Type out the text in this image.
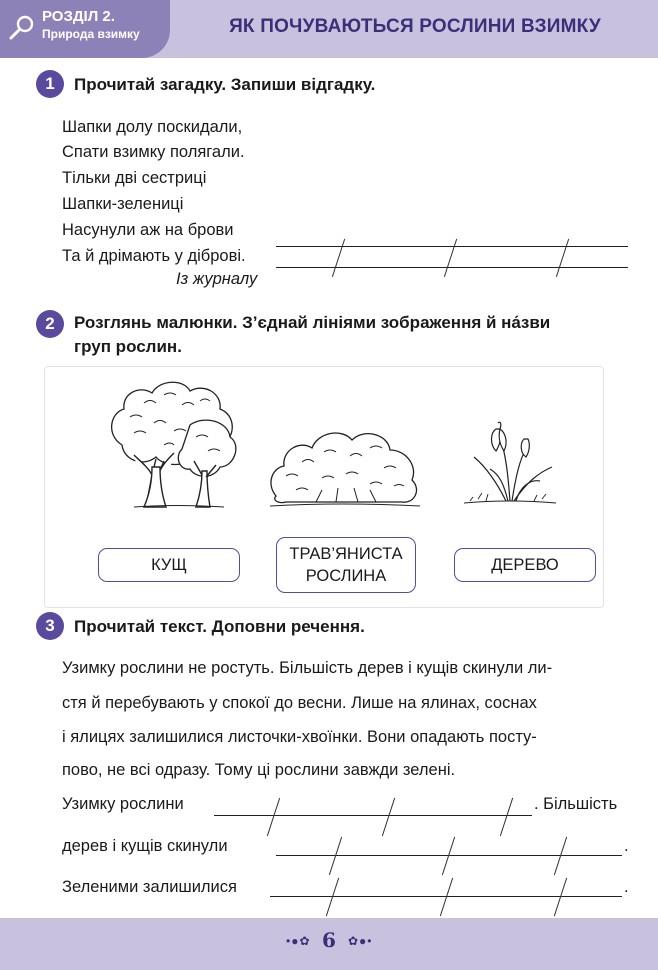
РОЗДІЛ 2.
Природа взимку	ЯК ПОЧУВАЮТЬСЯ РОСЛИНИ ВЗИМКУ
1	Прочитай загадку. Запиши відгадку.
Шапки долу поскидали,
Спати взимку полягали.
Тільки дві сестриці
Шапки-зелениці
Насунули аж на брови
Та й дрімають у діброві.
Із журналу
2	Розглянь малюнки. З’єднай лініями зображення й на́зви
груп рослин.
КУЩ
ТРАВ’ЯНИСТА
РОСЛИНА
ДЕРЕВО
3	Прочитай текст. Доповни речення.
Узимку рослини не ростуть. Більшість дерев і кущів скинули ли-
стя й перебувають у спокої до весни. Лише на ялинах, соснах
і ялицях залишилися листочки-хвоїнки. Вони опадають посту-
пово, не всі одразу. Тому ці рослини завжди зелені.
Узимку рослини	. Більшість
дерев і кущів скинули	.
Зеленими залишилися	.
•●✿	✿●•
6
